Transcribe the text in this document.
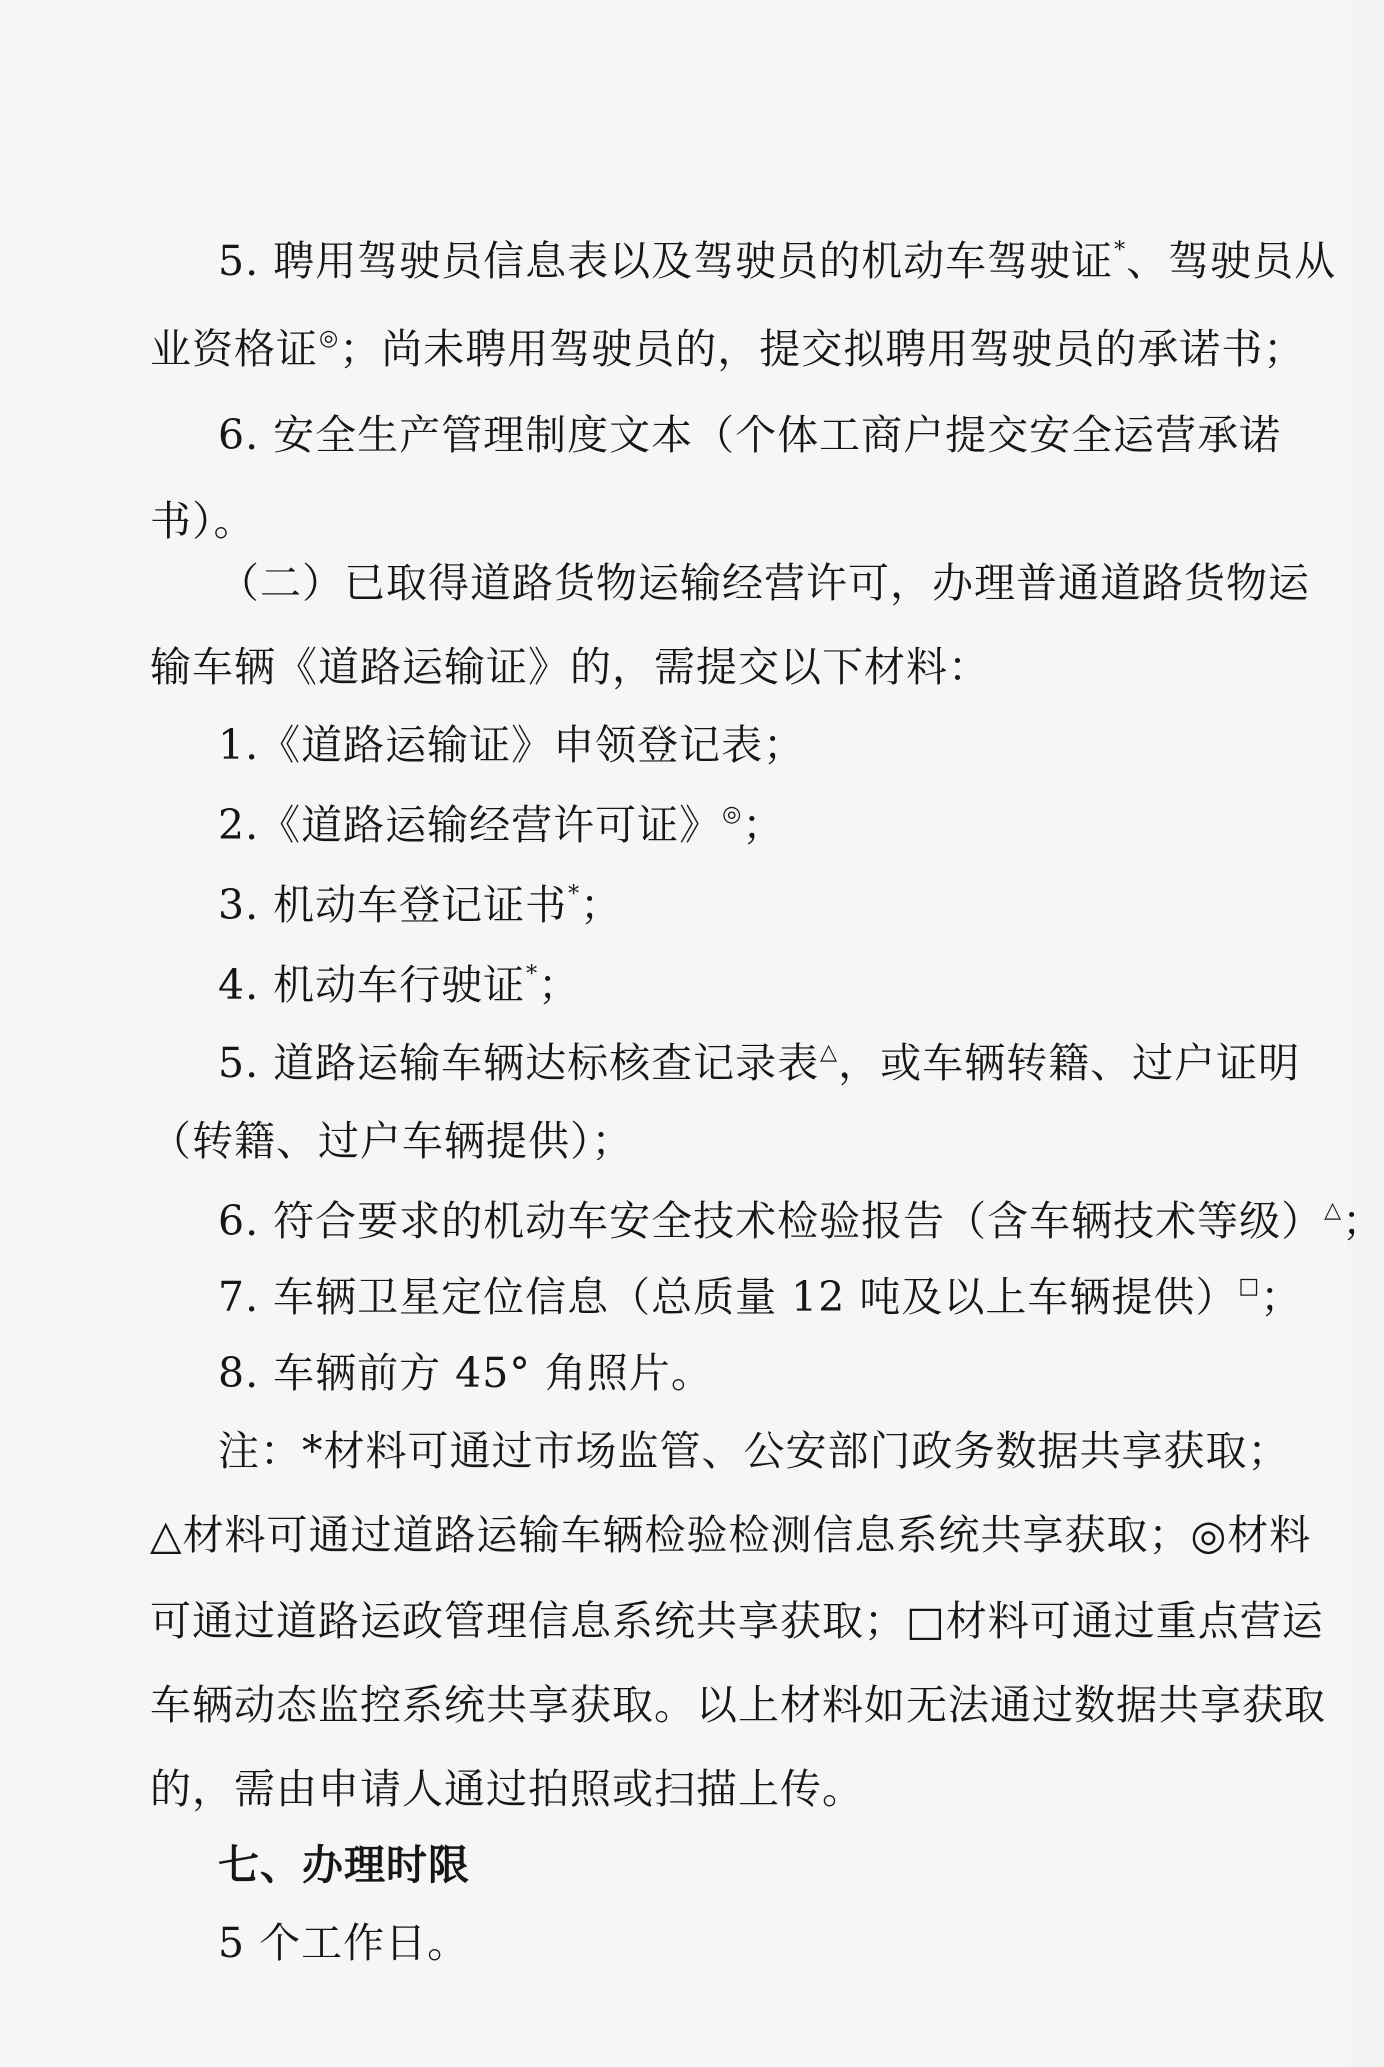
5. 聘用驾驶员信息表以及驾驶员的机动车驾驶证*、驾驶员从
业资格证◎；尚未聘用驾驶员的，提交拟聘用驾驶员的承诺书；
6. 安全生产管理制度文本（个体工商户提交安全运营承诺
书）。
（二）已取得道路货物运输经营许可，办理普通道路货物运
输车辆《道路运输证》的，需提交以下材料：
1.《道路运输证》申领登记表；
2.《道路运输经营许可证》◎；
3. 机动车登记证书*；
4. 机动车行驶证*；
5. 道路运输车辆达标核查记录表△，或车辆转籍、过户证明
（转籍、过户车辆提供）；
6. 符合要求的机动车安全技术检验报告（含车辆技术等级）△；
7. 车辆卫星定位信息（总质量 12 吨及以上车辆提供）□；
8. 车辆前方 45° 角照片。
注：*材料可通过市场监管、公安部门政务数据共享获取；
△材料可通过道路运输车辆检验检测信息系统共享获取；◎材料
可通过道路运政管理信息系统共享获取；□材料可通过重点营运
车辆动态监控系统共享获取。以上材料如无法通过数据共享获取
的，需由申请人通过拍照或扫描上传。
七、办理时限
5 个工作日。
